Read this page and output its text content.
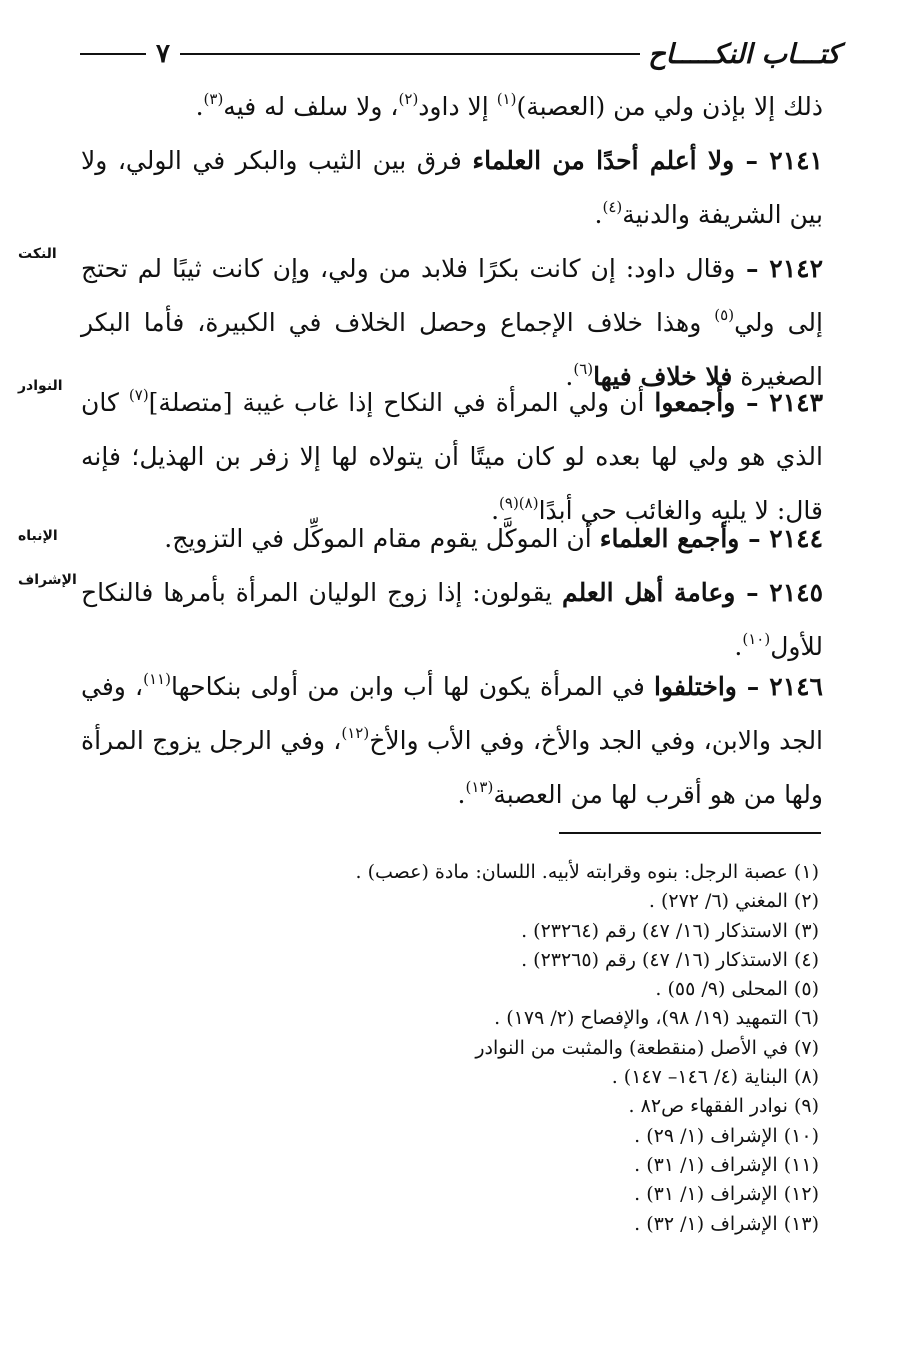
كتـــاب النكـــــاح
٧

ذلك إلا بإذن ولي من (العصبة)$^{(١)}$ إلا داود$^{(٢)}$، ولا سلف له فيه$^{(٣)}$.

٢١٤١ – ولا أعلم أحدًا من العلماء فرق بين الثيب والبكر في الولي، ولا بين الشريفة والدنية$^{(٤)}$.

٢١٤٢ – وقال داود: إن كانت بكرًا فلابد من ولي، وإن كانت ثيبًا لم تحتج إلى ولي$^{(٥)}$ وهذا خلاف الإجماع وحصل الخلاف في الكبيرة، فأما البكر الصغيرة فلا خلاف فيها$^{(٦)}$.

٢١٤٣ – وأجمعوا أن ولي المرأة في النكاح إذا غاب غيبة [متصلة]$^{(٧)}$ كان الذي هو ولي لها بعده لو كان ميتًا أن يتولاه لها إلا زفر بن الهذيل؛ فإنه قال: لا يليه والغائب حي أبدًا$^{(٨)(٩)}$.

٢١٤٤ – وأجمع العلماء أن الموكَّل يقوم مقام الموكِّل في التزويج.

٢١٤٥ – وعامة أهل العلم يقولون: إذا زوج الوليان المرأة بأمرها فالنكاح للأول$^{(١٠)}$.

٢١٤٦ – واختلفوا في المرأة يكون لها أب وابن من أولى بنكاحها$^{(١١)}$، وفي الجد والابن، وفي الجد والأخ، وفي الأب والأخ$^{(١٢)}$، وفي الرجل يزوج المرأة ولها من هو أقرب لها من العصبة$^{(١٣)}$.

النكت
النوادر
الإنباه
الإشراف
(١) عصبة الرجل: بنوه وقرابته لأبيه. اللسان: مادة (عصب) .
(٢) المغني (٦/ ٢٧٢) .
(٣) الاستذكار (١٦/ ٤٧) رقم (٢٣٢٦٤) .
(٤) الاستذكار (١٦/ ٤٧) رقم (٢٣٢٦٥) .
(٥) المحلى (٩/ ٥٥) .
(٦) التمهيد (١٩/ ٩٨)، والإفصاح (٢/ ١٧٩) .
(٧) في الأصل (منقطعة) والمثبت من النوادر
(٨) البناية (٤/ ١٤٦– ١٤٧) .
(٩) نوادر الفقهاء ص٨٢ .
(١٠) الإشراف (١/ ٢٩) .
(١١) الإشراف (١/ ٣١) .
(١٢) الإشراف (١/ ٣١) .
(١٣) الإشراف (١/ ٣٢) .
